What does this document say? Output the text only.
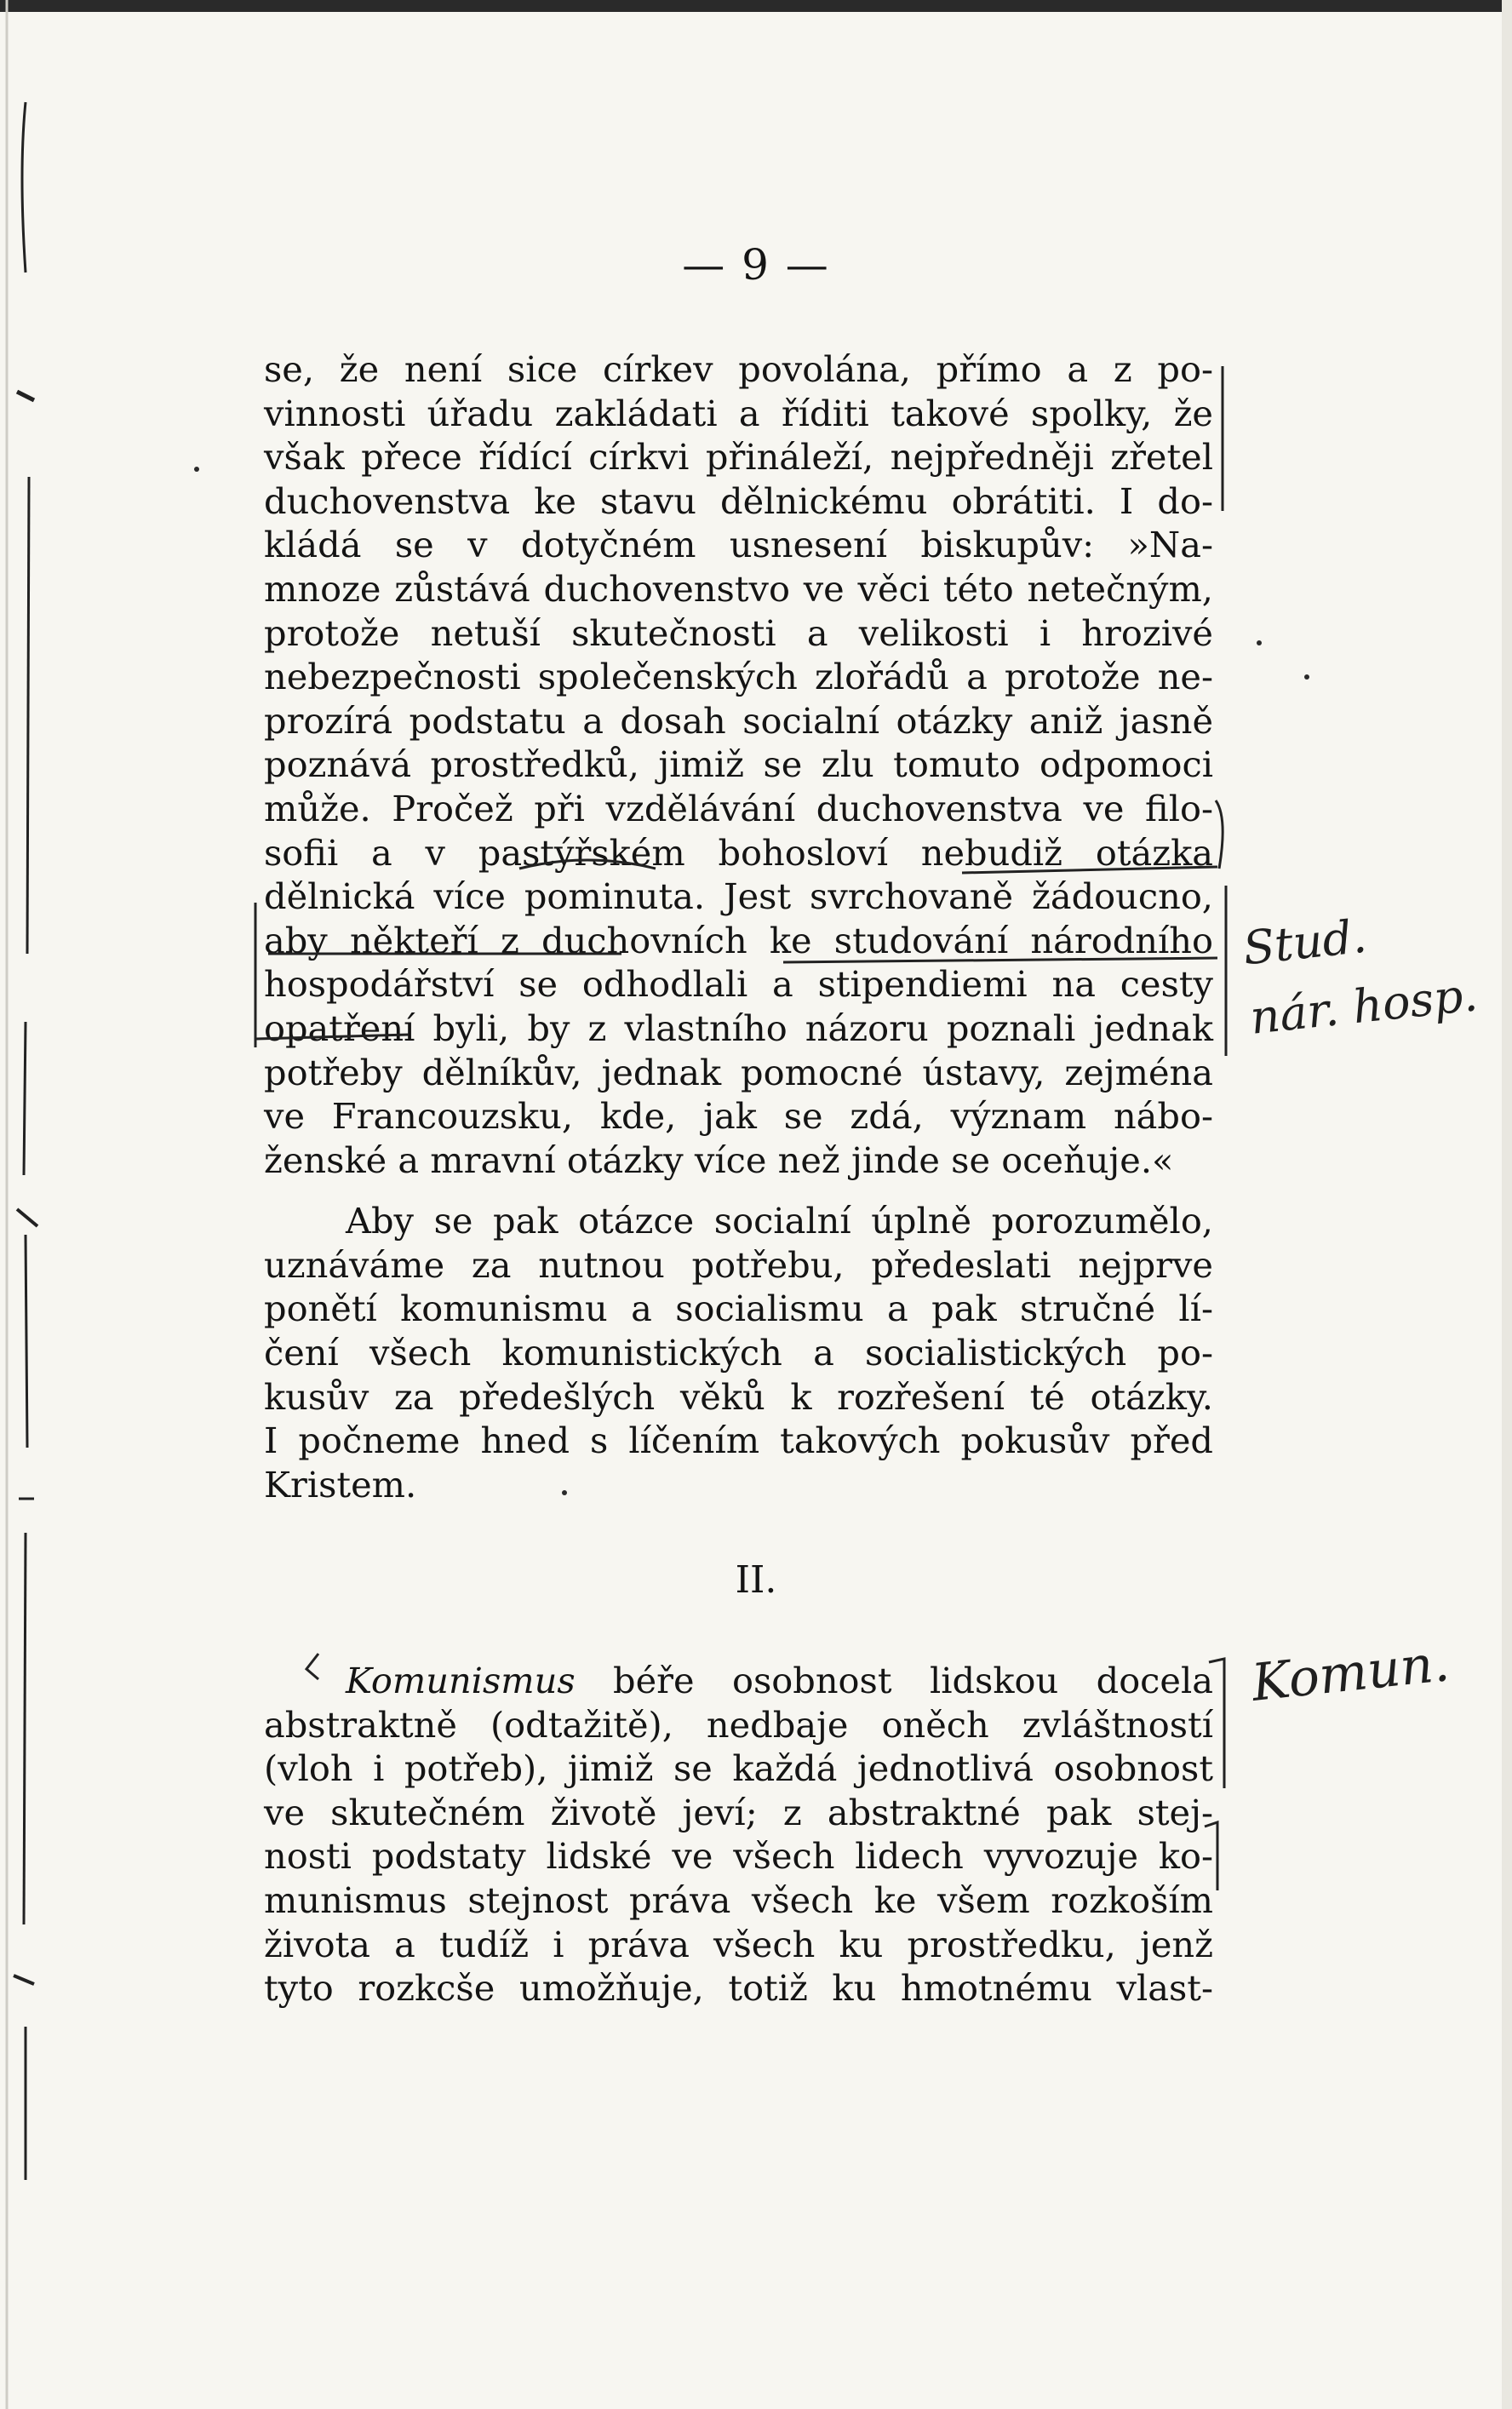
— 9 —
se, že není sice církev povolána, přímo a z po-
vinnosti úřadu zakládati a říditi takové spolky, že
však přece řídící církvi přináleží, nejpředněji zřetel
duchovenstva ke stavu dělnickému obrátiti. I do-
kládá se v dotyčném usnesení biskupův: »Na-
mnoze zůstává duchovenstvo ve věci této netečným,
protože netuší skutečnosti a velikosti i hrozivé
nebezpečnosti společenských zlořádů a protože ne-
prozírá podstatu a dosah socialní otázky aniž jasně
poznává prostředků, jimiž se zlu tomuto odpomoci
může. Pročež při vzdělávání duchovenstva ve filo-
sofii a v pastýřském bohosloví nebudiž otázka
dělnická více pominuta. Jest svrchovaně žádoucno,
aby někteří z duchovních ke studování národního
hospodářství se odhodlali a stipendiemi na cesty
opatření byli, by z vlastního názoru poznali jednak
potřeby dělníkův, jednak pomocné ústavy, zejména
ve Francouzsku, kde, jak se zdá, význam nábo-
ženské a mravní otázky více než jinde se oceňuje.«
Aby se pak otázce socialní úplně porozumělo,
uznáváme za nutnou potřebu, předeslati nejprve
ponětí komunismu a socialismu a pak stručné lí-
čení všech komunistických a socialistických po-
kusův za předešlých věků k rozřešení té otázky.
I počneme hned s líčením takových pokusův před
Kristem.
II.
Komunismus béře osobnost lidskou docela
abstraktně (odtažitě), nedbaje oněch zvláštností
(vloh i potřeb), jimiž se každá jednotlivá osobnost
ve skutečném životě jeví; z abstraktné pak stej-
nosti podstaty lidské ve všech lidech vyvozuje ko-
munismus stejnost práva všech ke všem rozkoším
života a tudíž i práva všech ku prostředku, jenž
tyto rozkcše umožňuje, totiž ku hmotnému vlast-
Stud.
nár. hosp.
Komun.
